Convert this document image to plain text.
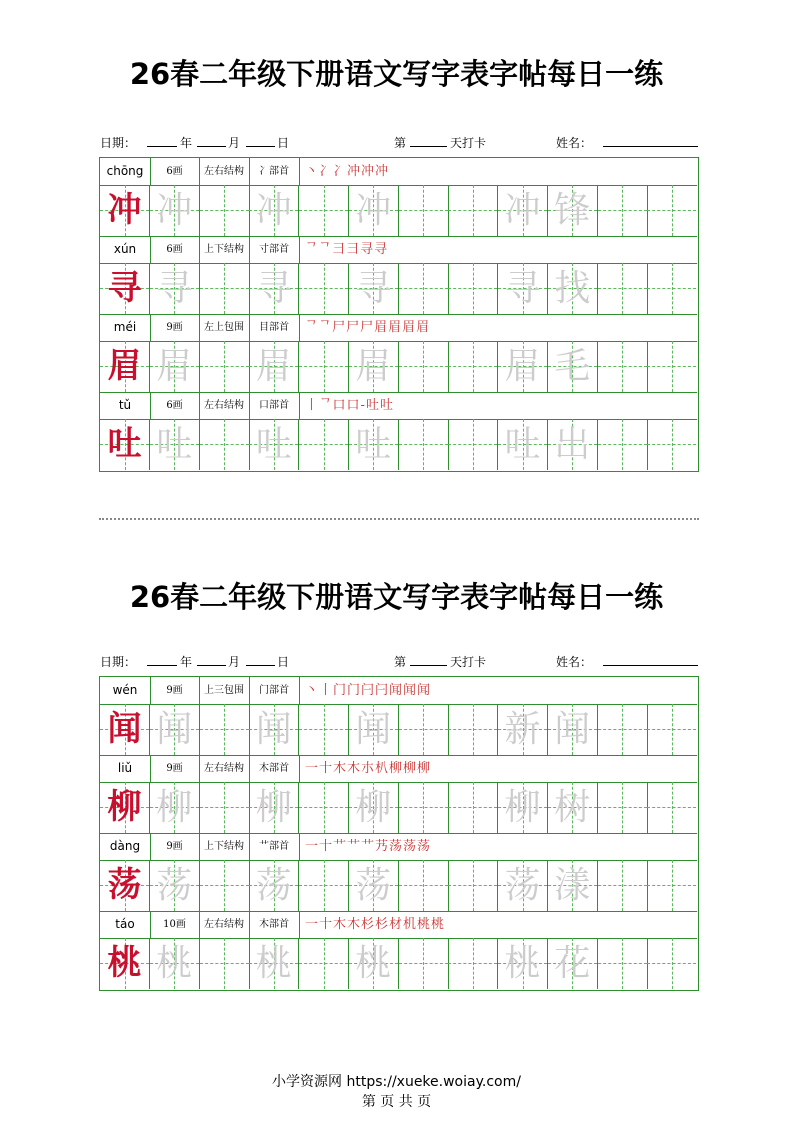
26春二年级下册语文写字表字帖每日一练
日期：	年	月	日	第	天打卡	姓名：
chōng	6画	左右结构	冫部首	丶冫冫冲冲冲
冲 冲 冲 冲	冲 锋
xún	6画	上下结构	寸部首	ᄀᄀ彐彐寻寻
寻 寻 寻 寻	寻 找
méi	9画	左上包围	目部首	ᄀᄀ尸尸尸眉眉眉眉
眉 眉 眉 眉	眉 毛
tǔ	6画	左右结构	口部首	丨ᄀ口口-吐吐
吐 吐 吐 吐	吐 出
26春二年级下册语文写字表字帖每日一练
日期：	年	月	日	第	天打卡	姓名：
wén	9画	上三包围	门部首	丶丨门门闩闩闻闻闻
闻 闻 闻 闻	新 闻
liǔ	9画	左右结构	木部首	一十木木朩朳柳柳柳
柳 柳 柳 柳	柳 树
dàng	9画	上下结构	艹部首	一十艹艹艹艿荡荡荡
荡 荡 荡 荡	荡 漾
táo	10画	左右结构	木部首	一十木木杉杉材机桃桃
桃 桃 桃 桃	桃 花
小学资源网 https://xueke.woiay.com/
第 页 共 页
